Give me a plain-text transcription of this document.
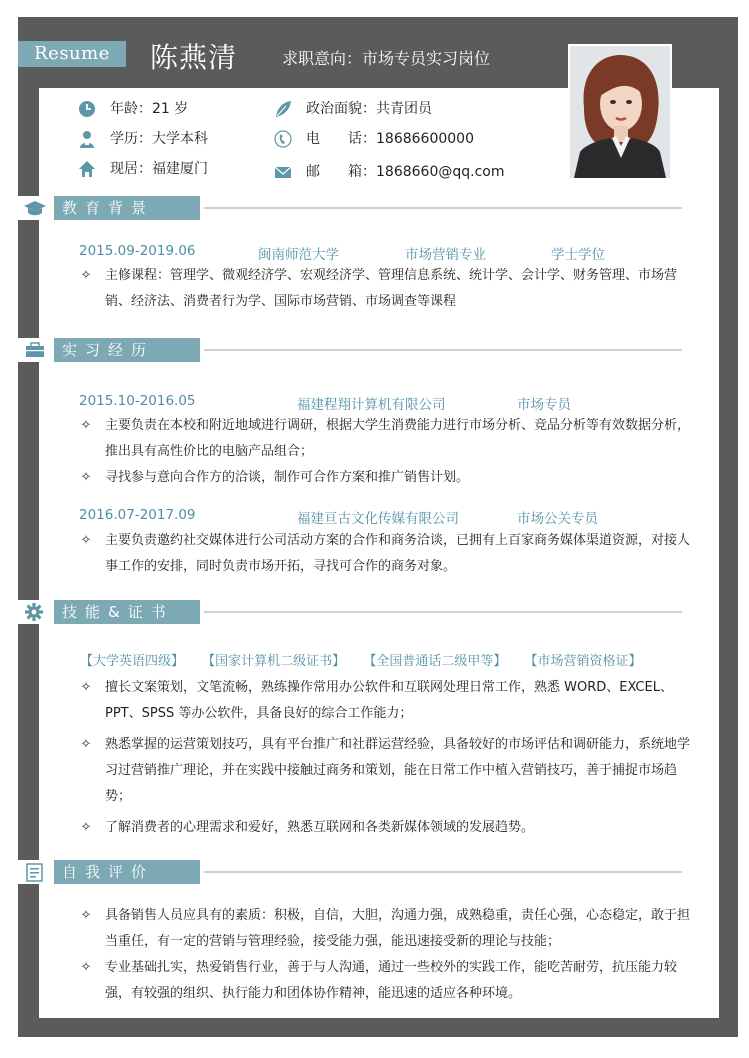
Resume	陈燕清	求职意向：市场专员实习岗位
年龄：21 岁
学历：大学本科
现居：福建厦门
政治面貌：共青团员
电　　话：18686600000
邮　　箱：1868660@qq.com
教育背景
2015.09-2019.06	闽南师范大学	市场营销专业	学士学位
✧	主修课程：管理学、微观经济学、宏观经济学、管理信息系统、统计学、会计学、财务管理、市场营销、经济法、消费者行为学、国际市场营销、市场调查等课程
实习经历
2015.10-2016.05	福建程翔计算机有限公司	市场专员
✧	主要负责在本校和附近地域进行调研，根据大学生消费能力进行市场分析、竞品分析等有效数据分析，推出具有高性价比的电脑产品组合；
✧	寻找参与意向合作方的洽谈，制作可合作方案和推广销售计划。
2016.07-2017.09	福建亘古文化传媒有限公司	市场公关专员
✧	主要负责邀约社交媒体进行公司活动方案的合作和商务洽谈，已拥有上百家商务媒体渠道资源，对接人事工作的安排，同时负责市场开拓，寻找可合作的商务对象。
技能&证书
【大学英语四级】 【国家计算机二级证书】 【全国普通话二级甲等】 【市场营销资格证】
✧	擅长文案策划，文笔流畅，熟练操作常用办公软件和互联网处理日常工作，熟悉 WORD、EXCEL、PPT、SPSS 等办公软件，具备良好的综合工作能力；
✧	熟悉掌握的运营策划技巧，具有平台推广和社群运营经验，具备较好的市场评估和调研能力，系统地学习过营销推广理论，并在实践中接触过商务和策划，能在日常工作中植入营销技巧，善于捕捉市场趋势；
✧	了解消费者的心理需求和爱好，熟悉互联网和各类新媒体领域的发展趋势。
自我评价
✧	具备销售人员应具有的素质：积极，自信，大胆，沟通力强，成熟稳重，责任心强，心态稳定，敢于担当重任，有一定的营销与管理经验，接受能力强，能迅速接受新的理论与技能；
✧	专业基础扎实，热爱销售行业，善于与人沟通，通过一些校外的实践工作，能吃苦耐劳，抗压能力较强，有较强的组织、执行能力和团体协作精神，能迅速的适应各种环境。
